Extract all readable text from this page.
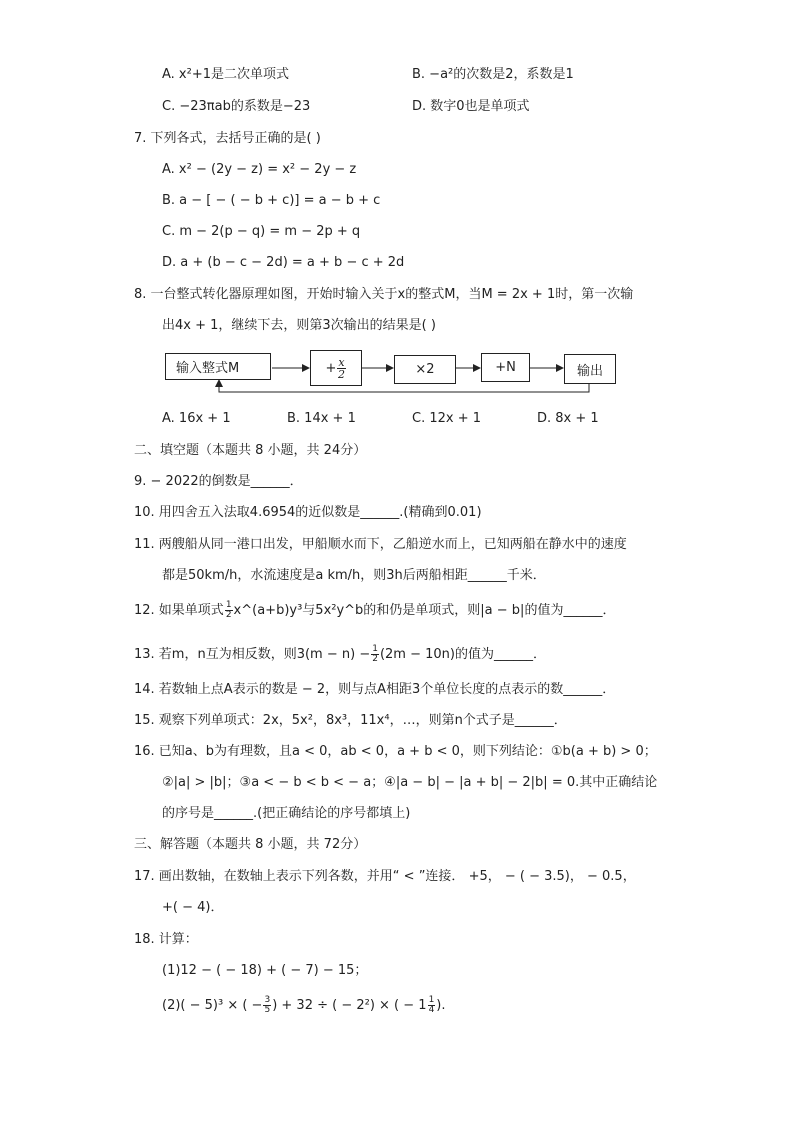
A. x²+1是二次单项式	B. −a²的次数是2，系数是1
C. −23πab的系数是−23	D. 数字0也是单项式
7. 下列各式，去括号正确的是( )
A. x² − (2y − z) = x² − 2y − z
B. a − [ − ( − b + c)] = a − b + c
C. m − 2(p − q) = m − 2p + q
D. a + (b − c − 2d) = a + b − c + 2d
8. 一台整式转化器原理如图，开始时输入关于x的整式M，当M = 2x + 1时，第一次输
出4x + 1，继续下去，则第3次输出的结果是( )
输入整式M	+ $\frac{x}{2}$	×2	+N	输出
A. 16x + 1	B. 14x + 1	C. 12x + 1	D. 8x + 1
二、填空题（本题共 8 小题，共 24分）
9. − 2022的倒数是______．
10. 用四舍五入法取4.6954的近似数是______.(精确到0.01)
11. 两艘船从同一港口出发，甲船顺水而下，乙船逆水而上，已知两船在静水中的速度
都是50km/h，水流速度是a km/h，则3h后两船相距______千米．
12. 如果单项式 $\frac{1}{2}$ x^(a+b)y³与5x²y^b的和仍是单项式，则|a − b|的值为______．
13. 若m，n互为相反数，则$3(m - n) - \frac{1}{2} (2m - 10n)$的值为______．
14. 若数轴上点A表示的数是 − 2，则与点A相距3个单位长度的点表示的数______．
15. 观察下列单项式：2x，5x²，8x³，11x⁴，…，则第n个式子是______．
16. 已知a、b为有理数，且a < 0，ab < 0，a + b < 0，则下列结论：①b(a + b) > 0；
②|a| > |b|；③a < − b < b < − a；④|a − b| − |a + b| − 2|b| = 0.其中正确结论
的序号是______.(把正确结论的序号都填上)
三、解答题（本题共 8 小题，共 72分）
17. 画出数轴，在数轴上表示下列各数，并用“ < ”连接． +5， − ( − 3.5)， − 0.5，
+( − 4)．
18. 计算：
(1)12 − ( − 18) + ( − 7) − 15；
(2)( − 5)³ × ( − $\frac{3}{5}$ ) + 32 ÷ ( − 2²) × ( − $1 \frac{1}{4}$ ).
